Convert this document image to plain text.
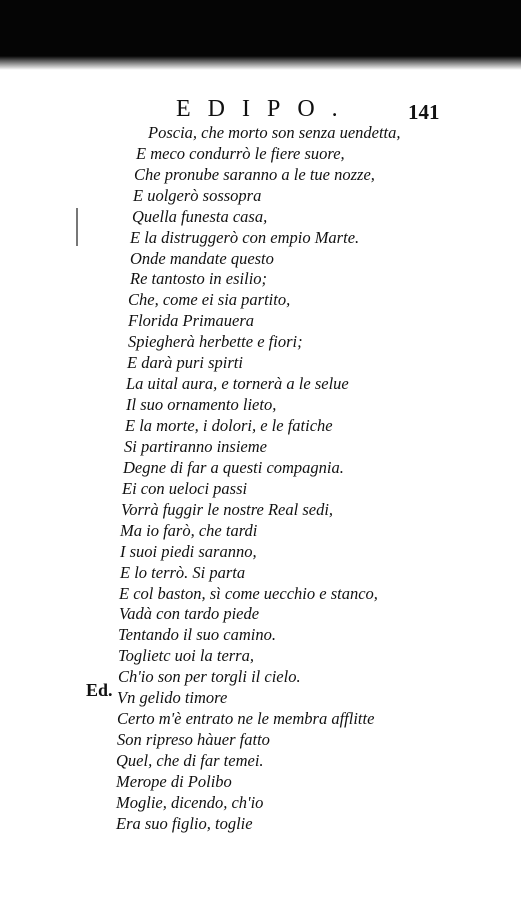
EDIPO.	141
Ed.
Poscia, che morto son senza uendetta,
E meco condurrò le fiere suore,
Che pronube saranno a le tue nozze,
E uolgerò sossopra
Quella funesta casa,
E la distruggerò con empio Marte.
Onde mandate questo
Re tantosto in esilio;
Che, come ei sia partito,
Florida Primauera
Spiegherà herbette e fiori;
E darà puri spirti
La uital aura, e tornerà a le selue
Il suo ornamento lieto,
E la morte, i dolori, e le fatiche
Si partiranno insieme
Degne di far a questi compagnia.
Ei con ueloci passi
Vorrà fuggir le nostre Real sedi,
Ma io farò, che tardi
I suoi piedi saranno,
E lo terrò. Si parta
E col baston, sì come uecchio e stanco,
Vadà con tardo piede
Tentando il suo camino.
Toglietc uoi la terra,
Ch'io son per torgli il cielo.
Vn gelido timore
Certo m'è entrato ne le membra afflitte
Son ripreso hàuer fatto
Quel, che di far temei.
Merope di Polibo
Moglie, dicendo, ch'io
Era suo figlio, toglie
